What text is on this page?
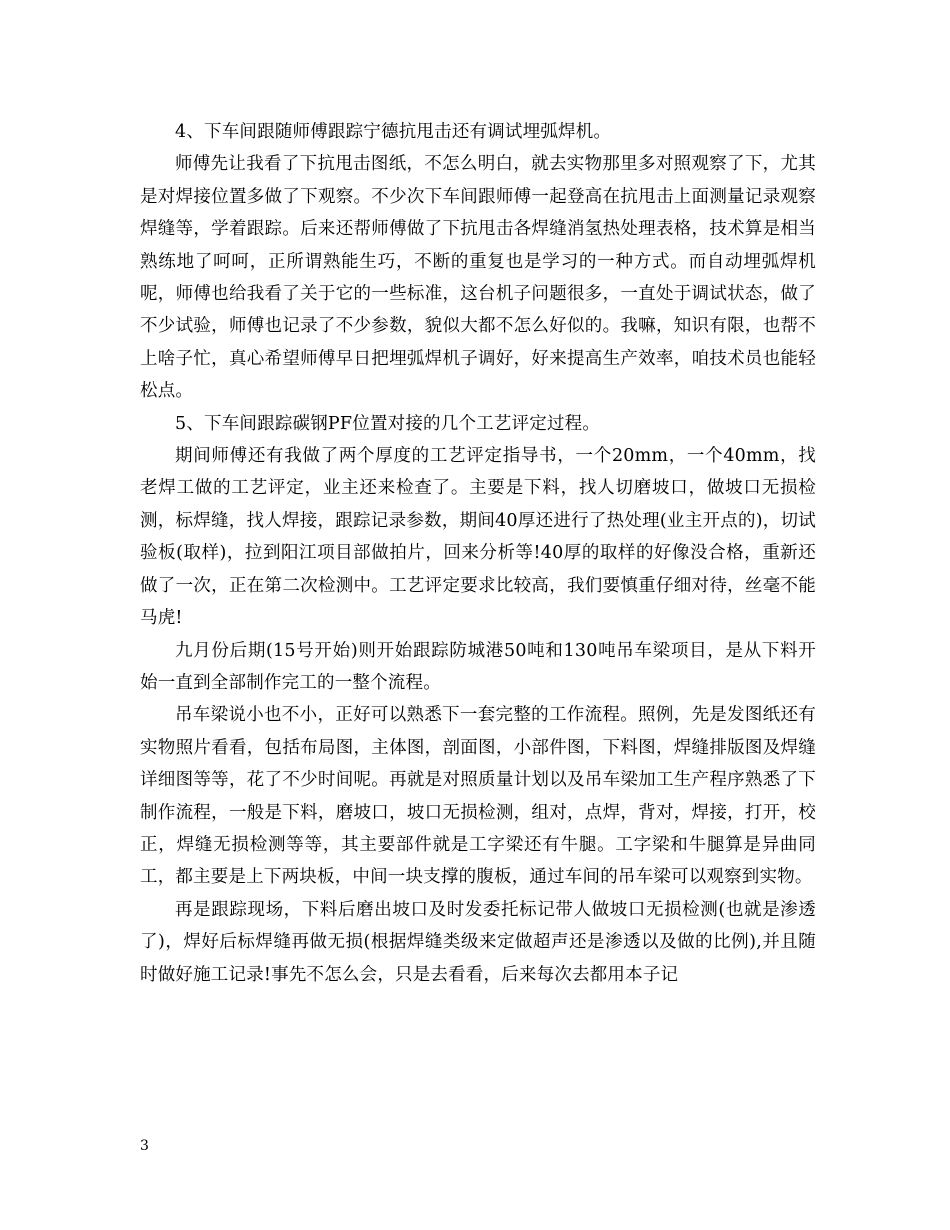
4、下车间跟随师傅跟踪宁德抗甩击还有调试埋弧焊机。

师傅先让我看了下抗甩击图纸，不怎么明白，就去实物那里多对照观察了下，尤其是对焊接位置多做了下观察。不少次下车间跟师傅一起登高在抗甩击上面测量记录观察焊缝等，学着跟踪。后来还帮师傅做了下抗甩击各焊缝消氢热处理表格，技术算是相当熟练地了呵呵，正所谓熟能生巧，不断的重复也是学习的一种方式。而自动埋弧焊机呢，师傅也给我看了关于它的一些标准，这台机子问题很多，一直处于调试状态，做了不少试验，师傅也记录了不少参数，貌似大都不怎么好似的。我嘛，知识有限，也帮不上啥子忙，真心希望师傅早日把埋弧焊机子调好，好来提高生产效率，咱技术员也能轻松点。

5、下车间跟踪碳钢PF位置对接的几个工艺评定过程。

期间师傅还有我做了两个厚度的工艺评定指导书，一个20mm，一个40mm，找老焊工做的工艺评定，业主还来检查了。主要是下料，找人切磨坡口，做坡口无损检测，标焊缝，找人焊接，跟踪记录参数，期间40厚还进行了热处理(业主开点的)，切试验板(取样)，拉到阳江项目部做拍片，回来分析等!40厚的取样的好像没合格，重新还做了一次，正在第二次检测中。工艺评定要求比较高，我们要慎重仔细对待，丝毫不能马虎!

九月份后期(15号开始)则开始跟踪防城港50吨和130吨吊车梁项目，是从下料开始一直到全部制作完工的一整个流程。

吊车梁说小也不小，正好可以熟悉下一套完整的工作流程。照例，先是发图纸还有实物照片看看，包括布局图，主体图，剖面图，小部件图，下料图，焊缝排版图及焊缝详细图等等，花了不少时间呢。再就是对照质量计划以及吊车梁加工生产程序熟悉了下制作流程，一般是下料，磨坡口，坡口无损检测，组对，点焊，背对，焊接，打开，校正，焊缝无损检测等等，其主要部件就是工字梁还有牛腿。工字梁和牛腿算是异曲同工，都主要是上下两块板，中间一块支撑的腹板，通过车间的吊车梁可以观察到实物。

再是跟踪现场，下料后磨出坡口及时发委托标记带人做坡口无损检测(也就是渗透了)，焊好后标焊缝再做无损(根据焊缝类级来定做超声还是渗透以及做的比例),并且随时做好施工记录!事先不怎么会，只是去看看，后来每次去都用本子记

3
